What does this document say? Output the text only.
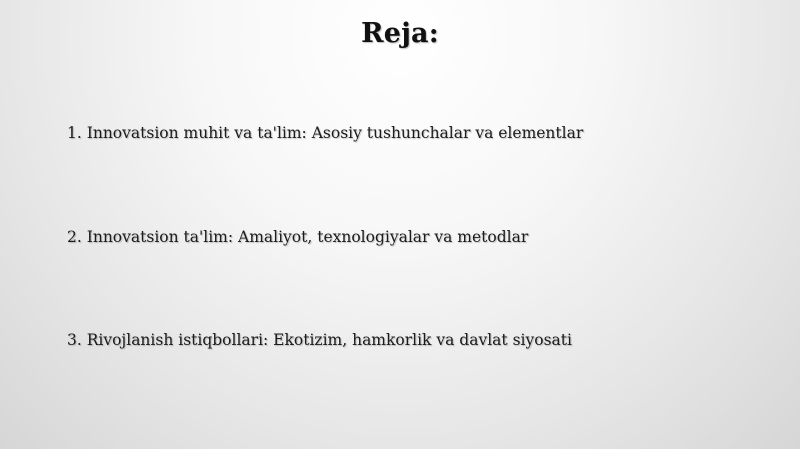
Reja:
1. Innovatsion muhit va ta'lim: Asosiy tushunchalar va elementlar
2. Innovatsion ta'lim: Amaliyot, texnologiyalar va metodlar
3. Rivojlanish istiqbollari: Ekotizim, hamkorlik va davlat siyosati
